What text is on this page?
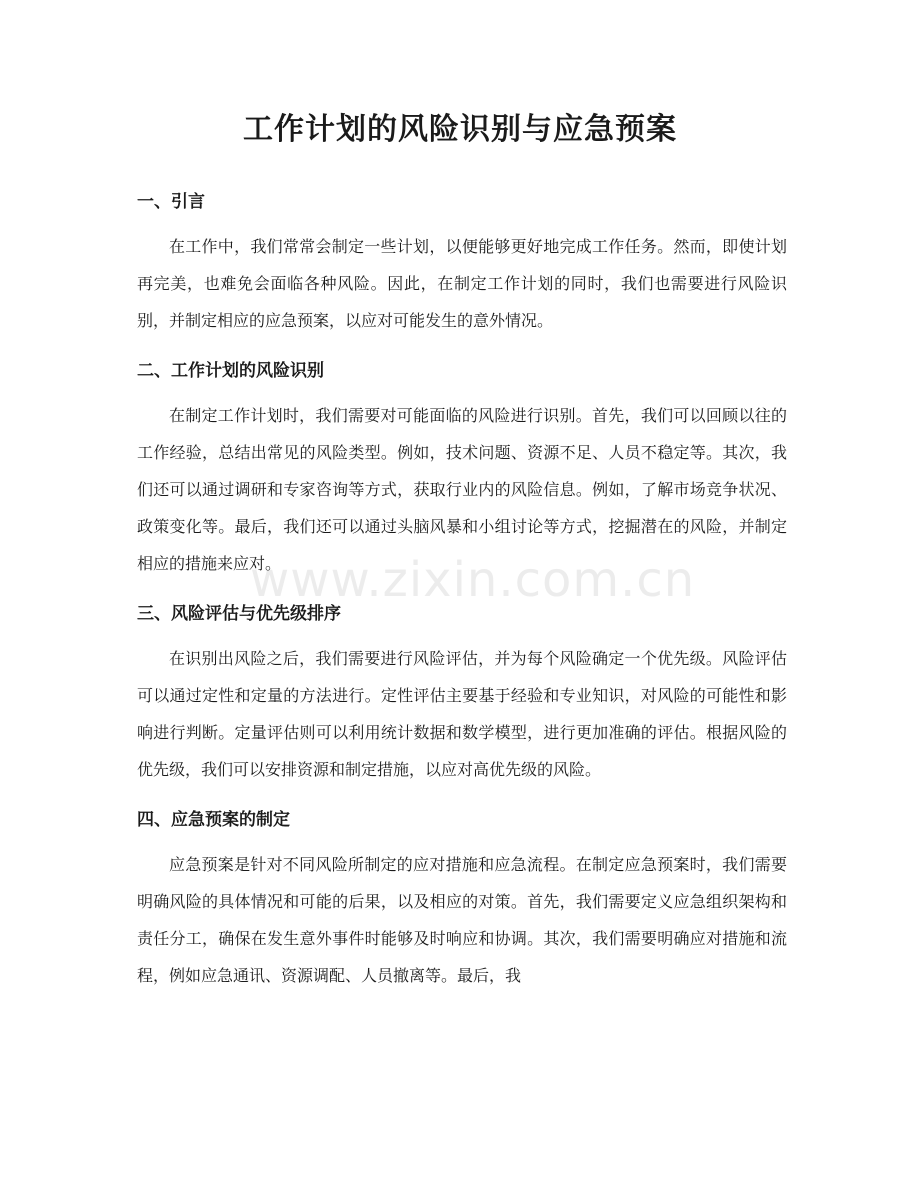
工作计划的风险识别与应急预案
一、引言

在工作中，我们常常会制定一些计划，以便能够更好地完成工作任务。然而，即使计划再完美，也难免会面临各种风险。因此，在制定工作计划的同时，我们也需要进行风险识别，并制定相应的应急预案，以应对可能发生的意外情况。

二、工作计划的风险识别

在制定工作计划时，我们需要对可能面临的风险进行识别。首先，我们可以回顾以往的工作经验，总结出常见的风险类型。例如，技术问题、资源不足、人员不稳定等。其次，我们还可以通过调研和专家咨询等方式，获取行业内的风险信息。例如，了解市场竞争状况、政策变化等。最后，我们还可以通过头脑风暴和小组讨论等方式，挖掘潜在的风险，并制定相应的措施来应对。

三、风险评估与优先级排序

在识别出风险之后，我们需要进行风险评估，并为每个风险确定一个优先级。风险评估可以通过定性和定量的方法进行。定性评估主要基于经验和专业知识，对风险的可能性和影响进行判断。定量评估则可以利用统计数据和数学模型，进行更加准确的评估。根据风险的优先级，我们可以安排资源和制定措施，以应对高优先级的风险。

四、应急预案的制定

应急预案是针对不同风险所制定的应对措施和应急流程。在制定应急预案时，我们需要明确风险的具体情况和可能的后果，以及相应的对策。首先，我们需要定义应急组织架构和责任分工，确保在发生意外事件时能够及时响应和协调。其次，我们需要明确应对措施和流程，例如应急通讯、资源调配、人员撤离等。最后，我

www.zixin.com.cn
